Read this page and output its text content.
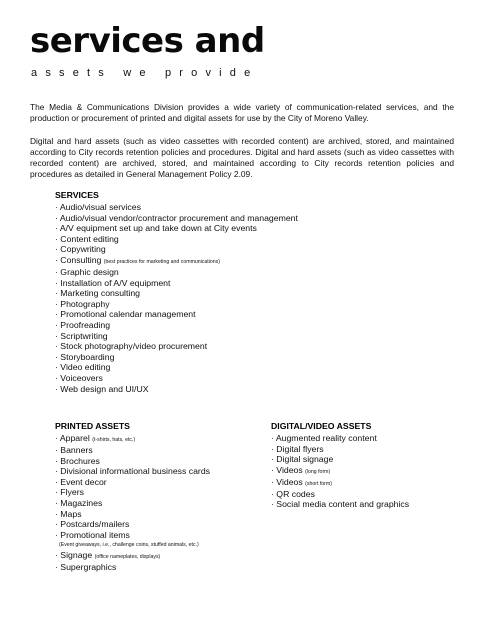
services and
assets we provide

The Media & Communications Division provides a wide variety of communication-related services, and the production or procurement of printed and digital assets for use by the City of Moreno Valley.

Digital and hard assets (such as video cassettes with recorded content) are archived, stored, and maintained according to City records retention policies and procedures. Digital and hard assets (such as video cassettes with recorded content) are archived, stored, and maintained according to City records retention policies and procedures as detailed in General Management Policy 2.09.

SERVICES
· Audio/visual services
· Audio/visual vendor/contractor procurement and management
· A/V equipment set up and take down at City events
· Content editing
· Copywriting
· Consulting (best practices for marketing and communications)
· Graphic design
· Installation of A/V equipment
· Marketing consulting
· Photography
· Promotional calendar management
· Proofreading
· Scriptwriting
· Stock photography/video procurement
· Storyboarding
· Video editing
· Voiceovers
· Web design and UI/UX
PRINTED ASSETS
· Apparel (t-shirts, hats, etc.)
· Banners
· Brochures
· Divisional informational business cards
· Event decor
· Flyers
· Magazines
· Maps
· Postcards/mailers
· Promotional items
(Event giveaways, i.e., challenge coins, stuffed animals, etc.)
· Signage (office nameplates, displays)
· Supergraphics
DIGITAL/VIDEO ASSETS
· Augmented reality content
· Digital flyers
· Digital signage
· Videos (long form)
· Videos (short form)
· QR codes
· Social media content and graphics
